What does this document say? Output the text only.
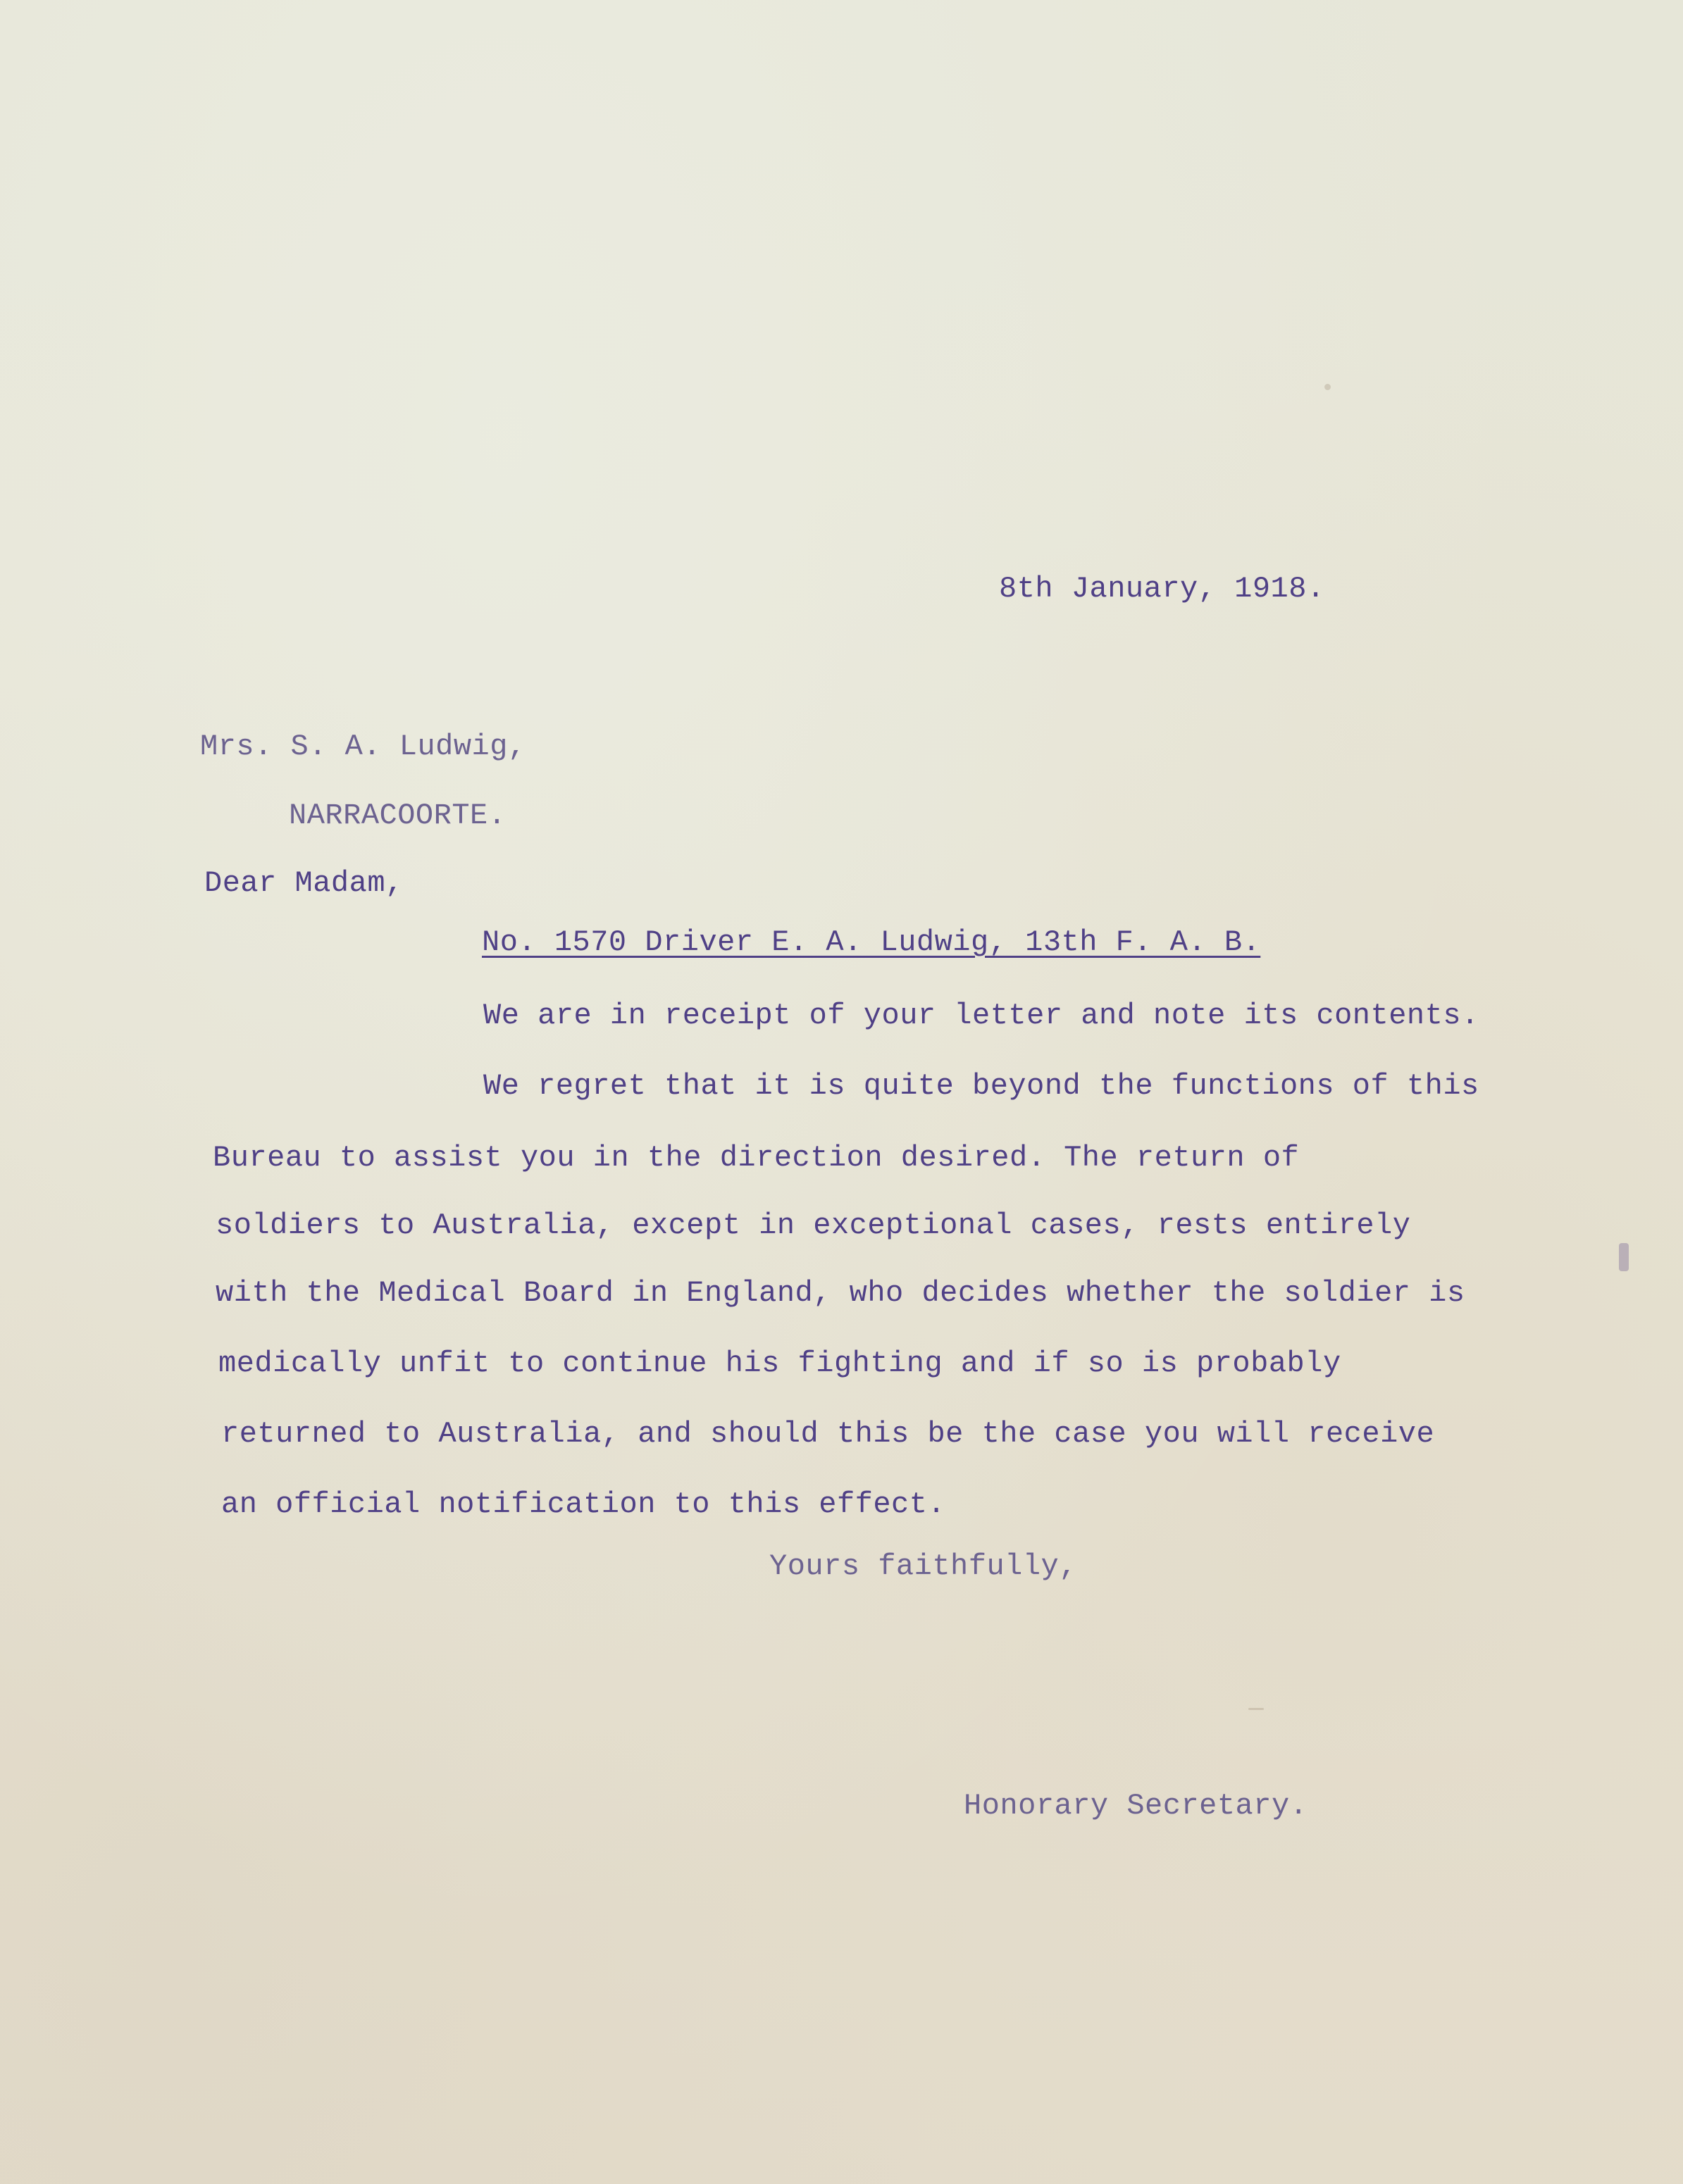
8th January, 1918.

Mrs. S. A. Ludwig,

NARRACOORTE.

Dear Madam,

No. 1570 Driver E. A. Ludwig, 13th F. A. B.

We are in receipt of your letter and note its contents.

We regret that it is quite beyond the functions of this

Bureau to assist you in the direction desired. The return of

soldiers to Australia, except in exceptional cases, rests entirely

with the Medical Board in England, who decides whether the soldier is

medically unfit to continue his fighting and if so is probably

returned to Australia, and should this be the case you will receive

an official notification to this effect.

Yours faithfully,

Honorary Secretary.
